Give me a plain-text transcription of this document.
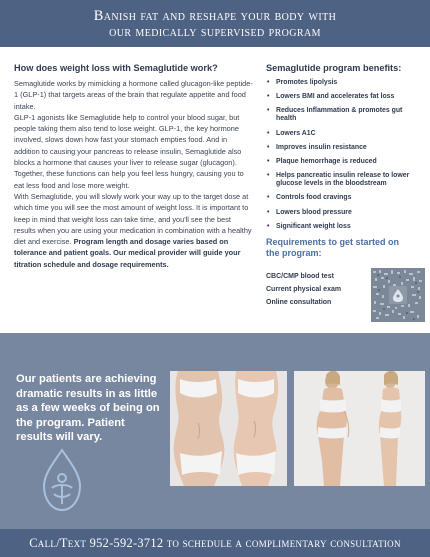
Banish fat and reshape your body with
our medically supervised program
How does weight loss with Semaglutide work?

Semaglutide works by mimicking a hormone called glucagon-like peptide-1 (GLP-1) that targets areas of the brain that regulate appetite and food intake.

GLP-1 agonists like Semaglutide help to control your blood sugar, but people taking them also tend to lose weight. GLP-1, the key hormone involved, slows down how fast your stomach empties food. And in addition to causing your pancreas to release insulin, Semaglutide also blocks a hormone that causes your liver to release sugar (glucagon). Together, these functions can help you feel less hungry, causing you to eat less food and lose more weight.

With Semaglutide, you will slowly work your way up to the target dose at which time you will see the most amount of weight loss. It is important to keep in mind that weight loss can take time, and you'll see the best results when you are using your medication in combination with a healthy diet and exercise. Program length and dosage varies based on tolerance and patient goals. Our medical provider will guide your titration schedule and dosage requirements.

Semaglutide program benefits:
• Promotes lipolysis
• Lowers BMI and accelerates fat loss
• Reduces Inflammation & promotes gut health
• Lowers A1C
• Improves insulin resistance
• Plaque hemorrhage is reduced
• Helps pancreatic insulin release to lower glucose levels in the bloodstream
• Controls food cravings
• Lowers blood pressure
• Significant weight loss
Requirements to get started on the program:
CBC/CMP blood test
Current physical exam
Online consultation
Our patients are achieving dramatic results in as little as a few weeks of being on the program. Patient results will vary.
Call/Text 952-592-3712 to schedule a complimentary consultation
